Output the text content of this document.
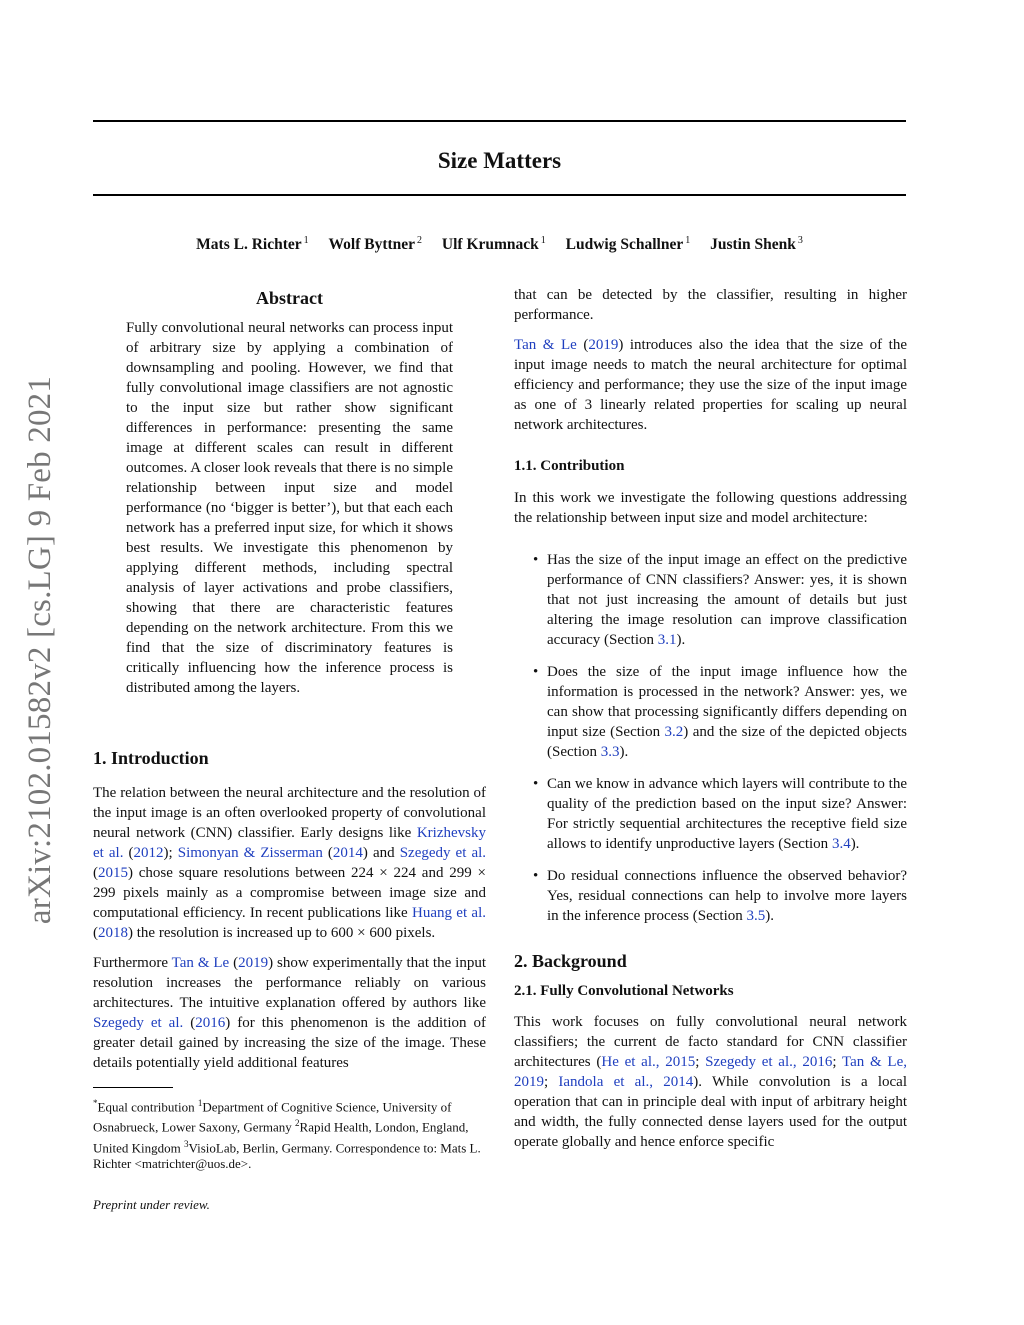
Size Matters
Mats L. Richter $^1$ Wolf Byttner $^2$ Ulf Krumnack $^1$ Ludwig Schallner $^1$ Justin Shenk $^3$
arXiv:2102.01582v2 [cs.LG] 9 Feb 2021
Abstract

Fully convolutional neural networks can process input of arbitrary size by applying a combination of downsampling and pooling. However, we find that fully convolutional image classifiers are not agnostic to the input size but rather show significant differences in performance: presenting the same image at different scales can result in different outcomes. A closer look reveals that there is no simple relationship between input size and model performance (no ‘bigger is better’), but that each each network has a preferred input size, for which it shows best results. We investigate this phenomenon by applying different methods, including spectral analysis of layer activations and probe classifiers, showing that there are characteristic features depending on the network architecture. From this we find that the size of discriminatory features is critically influencing how the inference process is distributed among the layers.

1. Introduction

The relation between the neural architecture and the resolution of the input image is an often overlooked property of convolutional neural network (CNN) classifier. Early designs like Krizhevsky et al. (2012); Simonyan & Zisserman (2014) and Szegedy et al. (2015) chose square resolutions between 224 × 224 and 299 × 299 pixels mainly as a compromise between image size and computational efficiency. In recent publications like Huang et al. (2018) the resolution is increased up to 600 × 600 pixels.

Furthermore Tan & Le (2019) show experimentally that the input resolution increases the performance reliably on various architectures. The intuitive explanation offered by authors like Szegedy et al. (2016) for this phenomenon is the addition of greater detail gained by increasing the size of the image. These details potentially yield additional features

*Equal contribution $^1$Department of Cognitive Science, University of Osnabrueck, Lower Saxony, Germany $^2$Rapid Health, London, England, United Kingdom $^3$VisioLab, Berlin, Germany. Correspondence to: Mats L. Richter <matrichter@uos.de>.

Preprint under review.

that can be detected by the classifier, resulting in higher performance.

Tan & Le (2019) introduces also the idea that the size of the input image needs to match the neural architecture for optimal efficiency and performance; they use the size of the input image as one of 3 linearly related properties for scaling up neural network architectures.

1.1. Contribution

In this work we investigate the following questions addressing the relationship between input size and model architecture:

• Has the size of the input image an effect on the predictive performance of CNN classifiers? Answer: yes, it is shown that not just increasing the amount of details but just altering the image resolution can improve classification accuracy (Section 3.1).
• Does the size of the input image influence how the information is processed in the network? Answer: yes, we can show that processing significantly differs depending on input size (Section 3.2) and the size of the depicted objects (Section 3.3).
• Can we know in advance which layers will contribute to the quality of the prediction based on the input size? Answer: For strictly sequential architectures the receptive field size allows to identify unproductive layers (Section 3.4).
• Do residual connections influence the observed behavior? Yes, residual connections can help to involve more layers in the inference process (Section 3.5).
2. Background
2.1. Fully Convolutional Networks

This work focuses on fully convolutional neural network classifiers; the current de facto standard for CNN classifier architectures (He et al., 2015; Szegedy et al., 2016; Tan & Le, 2019; Iandola et al., 2014). While convolution is a local operation that can in principle deal with input of arbitrary height and width, the fully connected dense layers used for the output operate globally and hence enforce specific
